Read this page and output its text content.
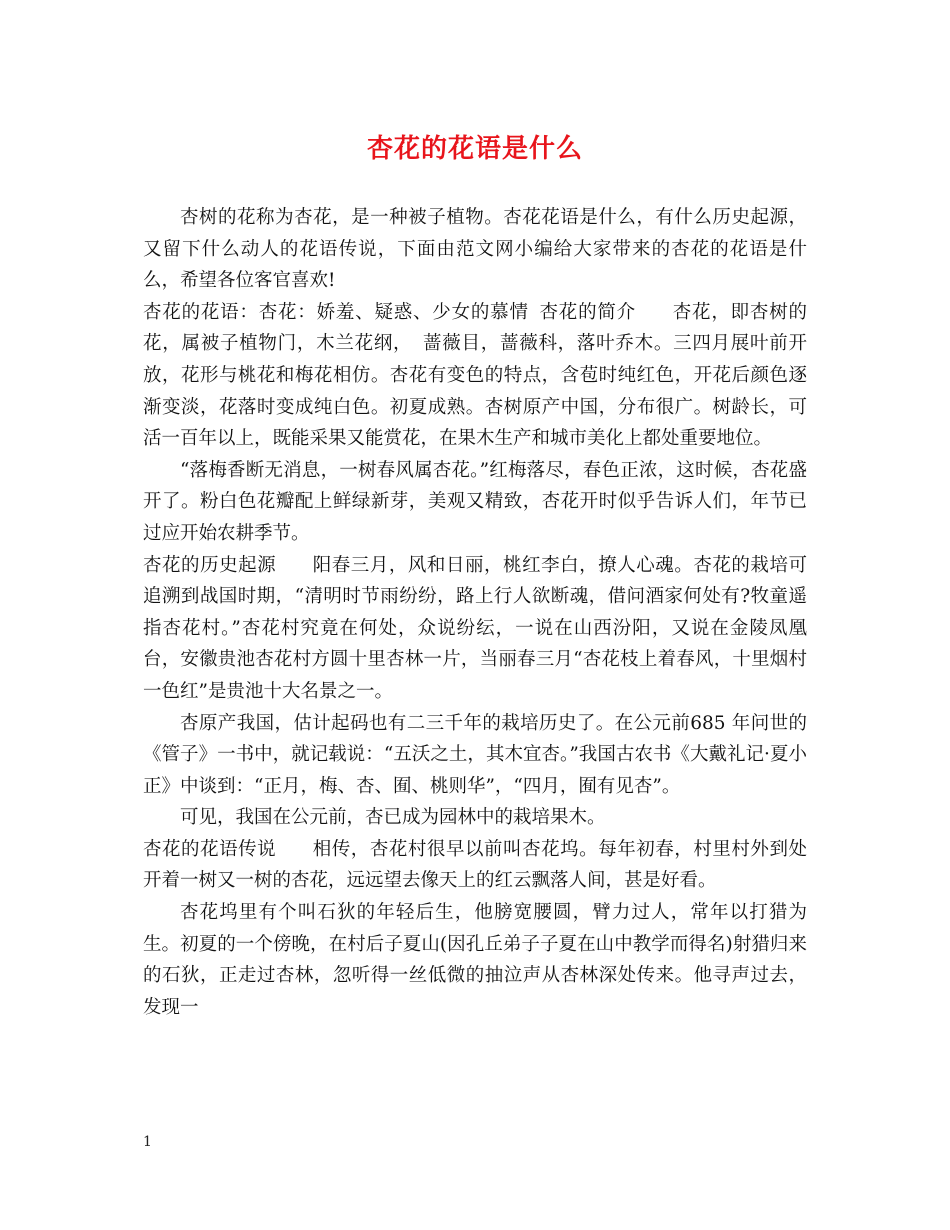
杏花的花语是什么

杏树的花称为杏花，是一种被子植物。杏花花语是什么，有什么历史起源，又留下什么动人的花语传说，下面由范文网小编给大家带来的杏花的花语是什么，希望各位客官喜欢!

杏花的花语：杏花：娇羞、疑惑、少女的慕情 杏花的简介 杏花，即杏树的花，属被子植物门，木兰花纲， 蔷薇目，蔷薇科，落叶乔木。三四月展叶前开放，花形与桃花和梅花相仿。杏花有变色的特点，含苞时纯红色，开花后颜色逐渐变淡，花落时变成纯白色。初夏成熟。杏树原产中国，分布很广。树龄长，可活一百年以上，既能采果又能赏花，在果木生产和城市美化上都处重要地位。

“落梅香断无消息，一树春风属杏花。”红梅落尽，春色正浓，这时候，杏花盛开了。粉白色花瓣配上鲜绿新芽，美观又精致，杏花开时似乎告诉人们，年节已过应开始农耕季节。

杏花的历史起源 阳春三月，风和日丽，桃红李白，撩人心魂。杏花的栽培可追溯到战国时期，“清明时节雨纷纷，路上行人欲断魂，借问酒家何处有?牧童遥指杏花村。”杏花村究竟在何处，众说纷纭，一说在山西汾阳，又说在金陵凤凰台，安徽贵池杏花村方圆十里杏林一片，当丽春三月“杏花枝上着春风，十里烟村一色红”是贵池十大名景之一。

杏原产我国，估计起码也有二三千年的栽培历史了。在公元前685 年问世的《管子》一书中，就记载说：“五沃之土，其木宜杏。”我国古农书《大戴礼记·夏小正》中谈到：“正月，梅、杏、囿、桃则华”，“四月，囿有见杏”。

可见，我国在公元前，杏已成为园林中的栽培果木。

杏花的花语传说 相传，杏花村很早以前叫杏花坞。每年初春，村里村外到处开着一树又一树的杏花，远远望去像天上的红云飘落人间，甚是好看。

杏花坞里有个叫石狄的年轻后生，他膀宽腰圆，臂力过人，常年以打猎为生。初夏的一个傍晚，在村后子夏山(因孔丘弟子子夏在山中教学而得名)射猎归来的石狄，正走过杏林，忽听得一丝低微的抽泣声从杏林深处传来。他寻声过去，发现一

1
